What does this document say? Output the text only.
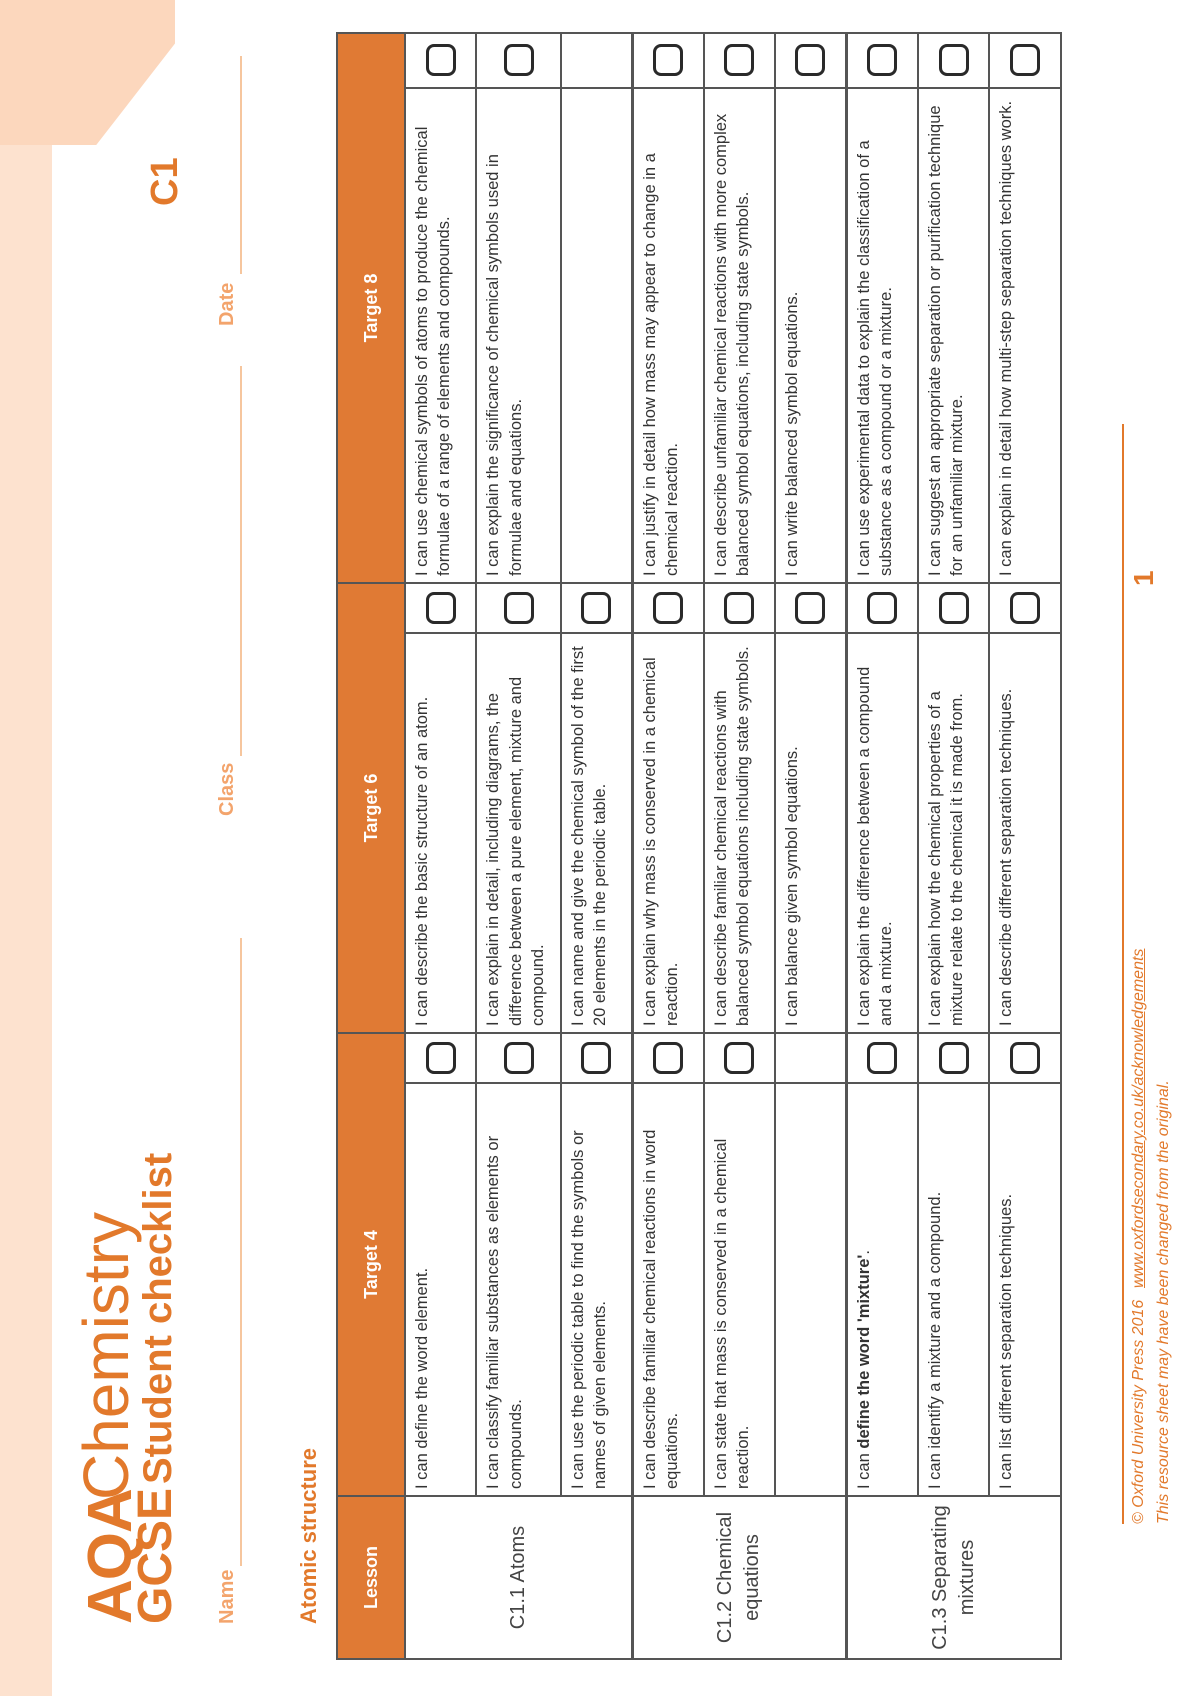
AQA
Chemistry
GCSE
Student checklist
C1
Name
Class
Date
Atomic structure Lesson	Target 4		Target 6		Target 8	
C1.1 Atoms	I can define the word element.		I can describe the basic structure of an atom.		I can use chemical symbols of atoms to produce the chemical formulae of a range of elements and compounds.	
	I can classify familiar substances as elements or compounds.		I can explain in detail, including diagrams, the difference between a pure element, mixture and compound.		I can explain the significance of chemical symbols used in formulae and equations.	
	I can use the periodic table to find the symbols or names of given elements.		I can name and give the chemical symbol of the first 20 elements in the periodic table.			
C1.2 Chemical equations	I can describe familiar chemical reactions in word equations.		I can explain why mass is conserved in a chemical reaction.		I can justify in detail how mass may appear to change in a chemical reaction.	
	I can state that mass is conserved in a chemical reaction.		I can describe familiar chemical reactions with balanced symbol equations including state symbols.		I can describe unfamiliar chemical reactions with more complex balanced symbol equations, including state symbols.	
			I can balance given symbol equations.		I can write balanced symbol equations.	
C1.3 Separating mixtures	I can define the word 'mixture'.		I can explain the difference between a compound and a mixture.		I can use experimental data to explain the classification of a substance as a compound or a mixture.	
	I can identify a mixture and a compound.		I can explain how the chemical properties of a mixture relate to the chemical it is made from.		I can suggest an appropriate separation or purification technique for an unfamiliar mixture.	
	I can list different separation techniques.		I can describe different separation techniques.		I can explain in detail how multi-step separation techniques work.	
© Oxford University Press 2016
www.oxfordsecondary.co.uk/acknowledgements This resource sheet may have been changed from the original.
1
